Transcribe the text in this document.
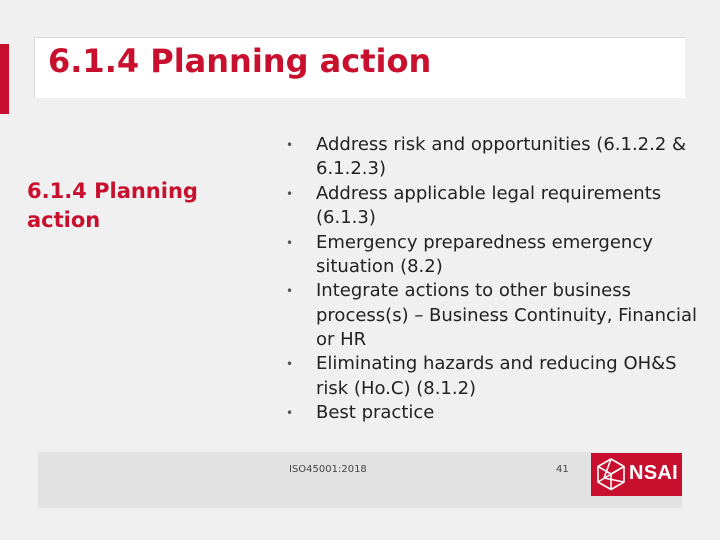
6.1.4 Planning action
6.1.4 Planning action
• Address risk and opportunities (6.1.2.2 & 6.1.2.3)
• Address applicable legal requirements (6.1.3)
• Emergency preparedness emergency situation (8.2)
• Integrate actions to other business process(s) – Business Continuity, Financial or HR
• Eliminating hazards and reducing OH&S risk (Ho.C) (8.1.2)
• Best practice
ISO45001:2018	41	NSAI
